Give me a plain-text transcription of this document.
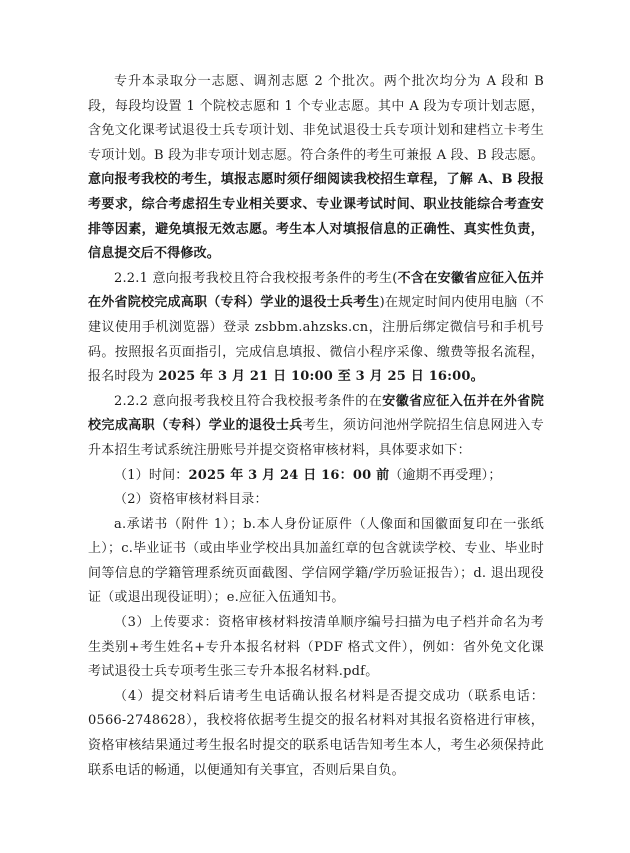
专升本录取分一志愿、调剂志愿 2 个批次。两个批次均分为 A 段和 B 段，每段均设置 1 个院校志愿和 1 个专业志愿。其中 A 段为专项计划志愿，含免文化课考试退役士兵专项计划、非免试退役士兵专项计划和建档立卡考生专项计划。B 段为非专项计划志愿。符合条件的考生可兼报 A 段、B 段志愿。意向报考我校的考生，填报志愿时须仔细阅读我校招生章程，了解 A、B 段报考要求，综合考虑招生专业相关要求、专业课考试时间、职业技能综合考查安排等因素，避免填报无效志愿。考生本人对填报信息的正确性、真实性负责，信息提交后不得修改。

2.2.1 意向报考我校且符合我校报考条件的考生(不含在安徽省应征入伍并在外省院校完成高职（专科）学业的退役士兵考生)在规定时间内使用电脑（不建议使用手机浏览器）登录 zsbbm.ahzsks.cn，注册后绑定微信号和手机号码。按照报名页面指引，完成信息填报、微信小程序采像、缴费等报名流程，报名时段为 2025 年 3 月 21 日 10:00 至 3 月 25 日 16:00。

2.2.2 意向报考我校且符合我校报考条件的在安徽省应征入伍并在外省院校完成高职（专科）学业的退役士兵考生，须访问池州学院招生信息网进入专升本招生考试系统注册账号并提交资格审核材料，具体要求如下：

（1）时间：2025 年 3 月 24 日 16：00 前（逾期不再受理）；

（2）资格审核材料目录：

a.承诺书（附件 1）；b.本人身份证原件（人像面和国徽面复印在一张纸上）；c.毕业证书（或由毕业学校出具加盖红章的包含就读学校、专业、毕业时间等信息的学籍管理系统页面截图、学信网学籍/学历验证报告）；d. 退出现役证（或退出现役证明）；e.应征入伍通知书。

（3）上传要求：资格审核材料按清单顺序编号扫描为电子档并命名为考生类别+考生姓名+专升本报名材料（PDF 格式文件），例如：省外免文化课考试退役士兵专项考生张三专升本报名材料.pdf。

（4）提交材料后请考生电话确认报名材料是否提交成功（联系电话：0566-2748628），我校将依据考生提交的报名材料对其报名资格进行审核，资格审核结果通过考生报名时提交的联系电话告知考生本人，考生必须保持此联系电话的畅通，以便通知有关事宜，否则后果自负。
